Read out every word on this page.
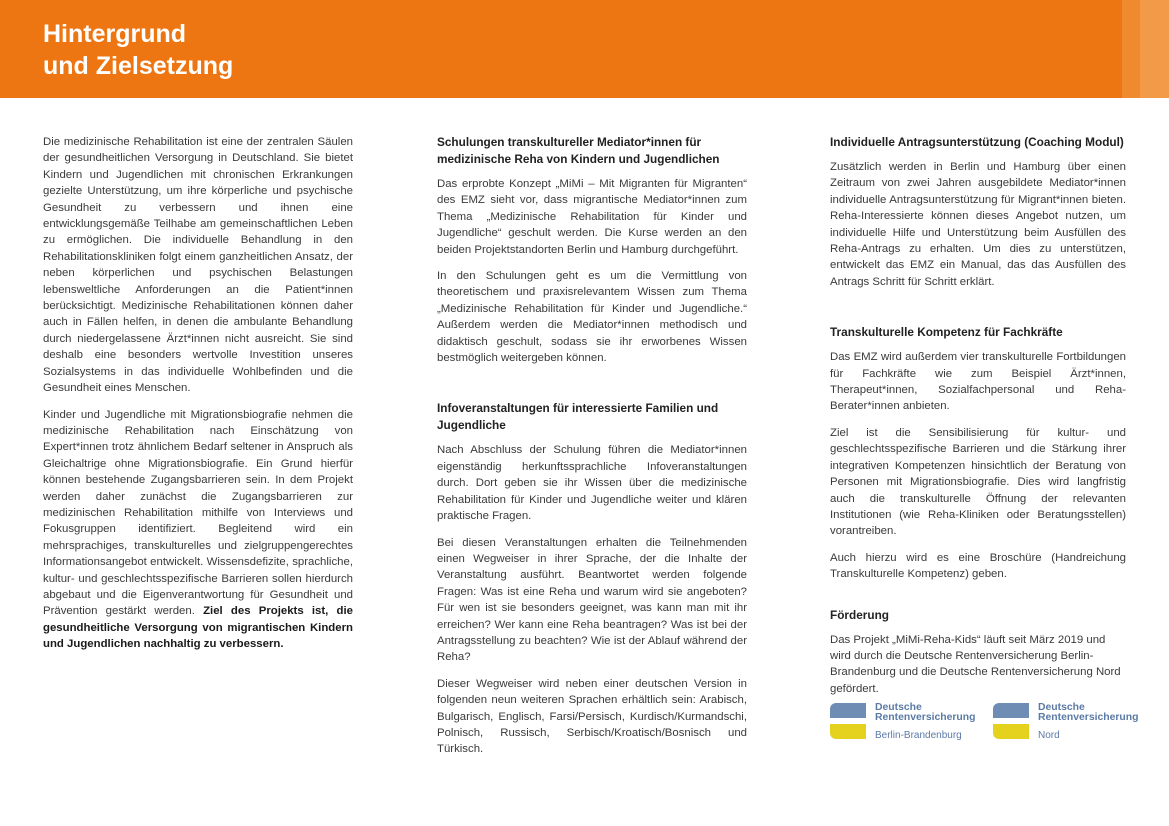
Hintergrund
und Zielsetzung

Die medizinische Rehabilitation ist eine der zentralen Säulen der gesundheitlichen Versorgung in Deutschland. Sie bietet Kindern und Jugendlichen mit chronischen Erkrankungen gezielte Unterstützung, um ihre körperliche und psychische Gesundheit zu verbessern und ihnen eine entwicklungsgemäße Teilhabe am gemeinschaftlichen Leben zu ermöglichen. Die individuelle Behandlung in den Rehabilitationskliniken folgt einem ganzheitlichen Ansatz, der neben körperlichen und psychischen Belastungen lebensweltliche Anforderungen an die Patient*innen berücksichtigt. Medizinische Rehabilitationen können daher auch in Fällen helfen, in denen die ambulante Behandlung durch niedergelassene Ärzt*innen nicht ausreicht. Sie sind deshalb eine besonders wertvolle Investition unseres Sozialsystems in das individuelle Wohlbefinden und die Gesundheit eines Menschen.

Kinder und Jugendliche mit Migrationsbiografie nehmen die medizinische Rehabilitation nach Einschätzung von Expert*innen trotz ähnlichem Bedarf seltener in Anspruch als Gleichaltrige ohne Migrationsbiografie. Ein Grund hierfür können bestehende Zugangsbarrieren sein. In dem Projekt werden daher zunächst die Zugangsbarrieren zur medizinischen Rehabilitation mithilfe von Interviews und Fokusgruppen identifiziert. Begleitend wird ein mehrsprachiges, transkulturelles und zielgruppengerechtes Informationsangebot entwickelt. Wissensdefizite, sprachliche, kultur- und geschlechtsspezifische Barrieren sollen hierdurch abgebaut und die Eigenverantwortung für Gesundheit und Prävention gestärkt werden. Ziel des Projekts ist, die gesundheitliche Versorgung von migrantischen Kindern und Jugendlichen nachhaltig zu verbessern.

Schulungen transkultureller Mediator*innen für medizinische Reha von Kindern und Jugendlichen

Das erprobte Konzept „MiMi – Mit Migranten für Migranten“ des EMZ sieht vor, dass migrantische Mediator*innen zum Thema „Medizinische Rehabilitation für Kinder und Jugendliche“ geschult werden. Die Kurse werden an den beiden Projektstandorten Berlin und Hamburg durchgeführt.

In den Schulungen geht es um die Vermittlung von theoretischem und praxisrelevantem Wissen zum Thema „Medizinische Rehabilitation für Kinder und Jugendliche.“ Außerdem werden die Mediator*innen methodisch und didaktisch geschult, sodass sie ihr erworbenes Wissen bestmöglich weitergeben können.

Infoveranstaltungen für interessierte Familien und Jugendliche

Nach Abschluss der Schulung führen die Mediator*innen eigenständig herkunftssprachliche Infoveranstaltungen durch. Dort geben sie ihr Wissen über die medizinische Rehabilitation für Kinder und Jugendliche weiter und klären praktische Fragen.

Bei diesen Veranstaltungen erhalten die Teilnehmenden einen Wegweiser in ihrer Sprache, der die Inhalte der Veranstaltung ausführt. Beantwortet werden folgende Fragen: Was ist eine Reha und warum wird sie angeboten? Für wen ist sie besonders geeignet, was kann man mit ihr erreichen? Wer kann eine Reha beantragen? Was ist bei der Antragsstellung zu beachten? Wie ist der Ablauf während der Reha?

Dieser Wegweiser wird neben einer deutschen Version in folgenden neun weiteren Sprachen erhältlich sein: Arabisch, Bulgarisch, Englisch, Farsi/Persisch, Kurdisch/Kurmandschi, Polnisch, Russisch, Serbisch/Kroatisch/Bosnisch und Türkisch.

Individuelle Antragsunterstützung (Coaching Modul)

Zusätzlich werden in Berlin und Hamburg über einen Zeitraum von zwei Jahren ausgebildete Mediator*innen individuelle Antragsunterstützung für Migrant*innen bieten. Reha-Interessierte können dieses Angebot nutzen, um individuelle Hilfe und Unterstützung beim Ausfüllen des Reha-Antrags zu erhalten. Um dies zu unterstützen, entwickelt das EMZ ein Manual, das das Ausfüllen des Antrags Schritt für Schritt erklärt.

Transkulturelle Kompetenz für Fachkräfte

Das EMZ wird außerdem vier transkulturelle Fortbildungen für Fachkräfte wie zum Beispiel Ärzt*innen, Therapeut*innen, Sozialfachpersonal und Reha-Berater*innen anbieten.

Ziel ist die Sensibilisierung für kultur- und geschlechtsspezifische Barrieren und die Stärkung ihrer integrativen Kompetenzen hinsichtlich der Beratung von Personen mit Migrationsbiografie. Dies wird langfristig auch die transkulturelle Öffnung der relevanten Institutionen (wie Reha-Kliniken oder Beratungsstellen) vorantreiben.

Auch hierzu wird es eine Broschüre (Handreichung Transkulturelle Kompetenz) geben.

Förderung

Das Projekt „MiMi-Reha-Kids“ läuft seit März 2019 und wird durch die Deutsche Rentenversicherung Berlin-Brandenburg und die Deutsche Rentenversicherung Nord gefördert.

Deutsche
Rentenversicherung
Berlin-Brandenburg
Deutsche
Rentenversicherung
Nord
